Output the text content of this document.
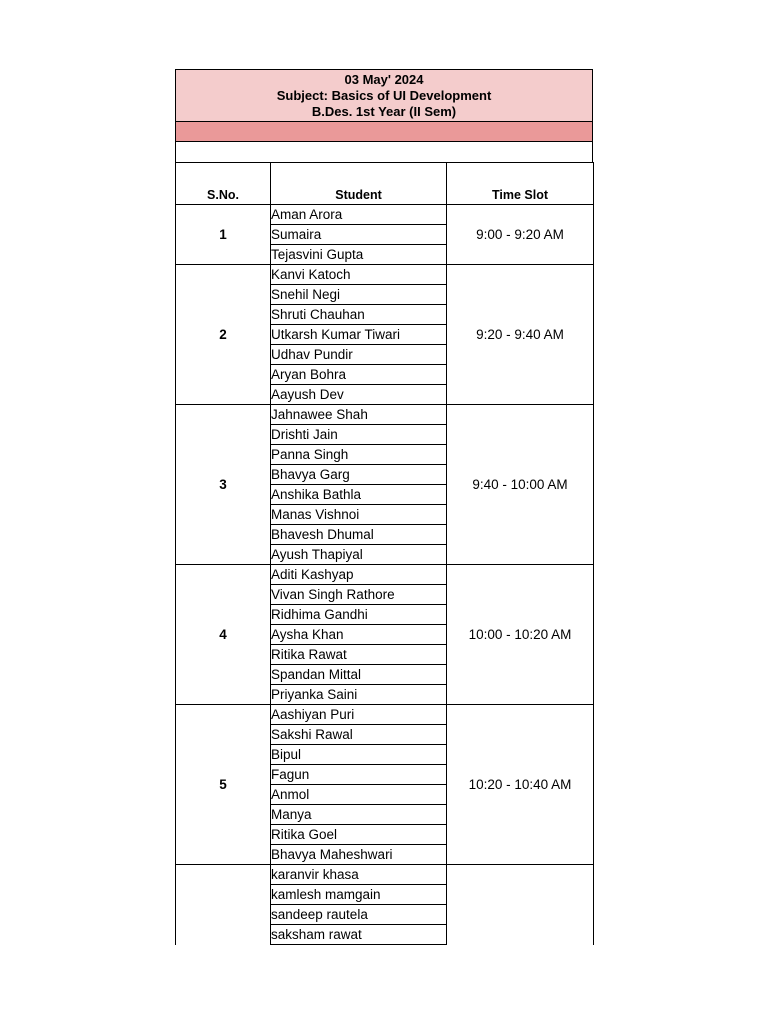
03 May' 2024
Subject: Basics of UI Development
B.Des. 1st Year (II Sem)
S.No.	Student	Time Slot
1	Aman Arora	9:00 - 9:20 AM
	Sumaira	
	Tejasvini Gupta	
2	Kanvi Katoch	9:20 - 9:40 AM
	Snehil Negi	
	Shruti Chauhan	
	Utkarsh Kumar Tiwari	
	Udhav Pundir	
	Aryan Bohra	
	Aayush Dev	
3	Jahnawee Shah	9:40 - 10:00 AM
	Drishti Jain	
	Panna Singh	
	Bhavya Garg	
	Anshika Bathla	
	Manas Vishnoi	
	Bhavesh Dhumal	
	Ayush Thapiyal	
4	Aditi Kashyap	10:00 - 10:20 AM
	Vivan Singh Rathore	
	Ridhima Gandhi	
	Aysha Khan	
	Ritika Rawat	
	Spandan Mittal	
	Priyanka Saini	
5	Aashiyan Puri	10:20 - 10:40 AM
	Sakshi Rawal	
	Bipul	
	Fagun	
	Anmol	
	Manya	
	Ritika Goel	
	Bhavya Maheshwari	
	karanvir khasa	
	kamlesh mamgain	
	sandeep rautela	
	saksham rawat	
